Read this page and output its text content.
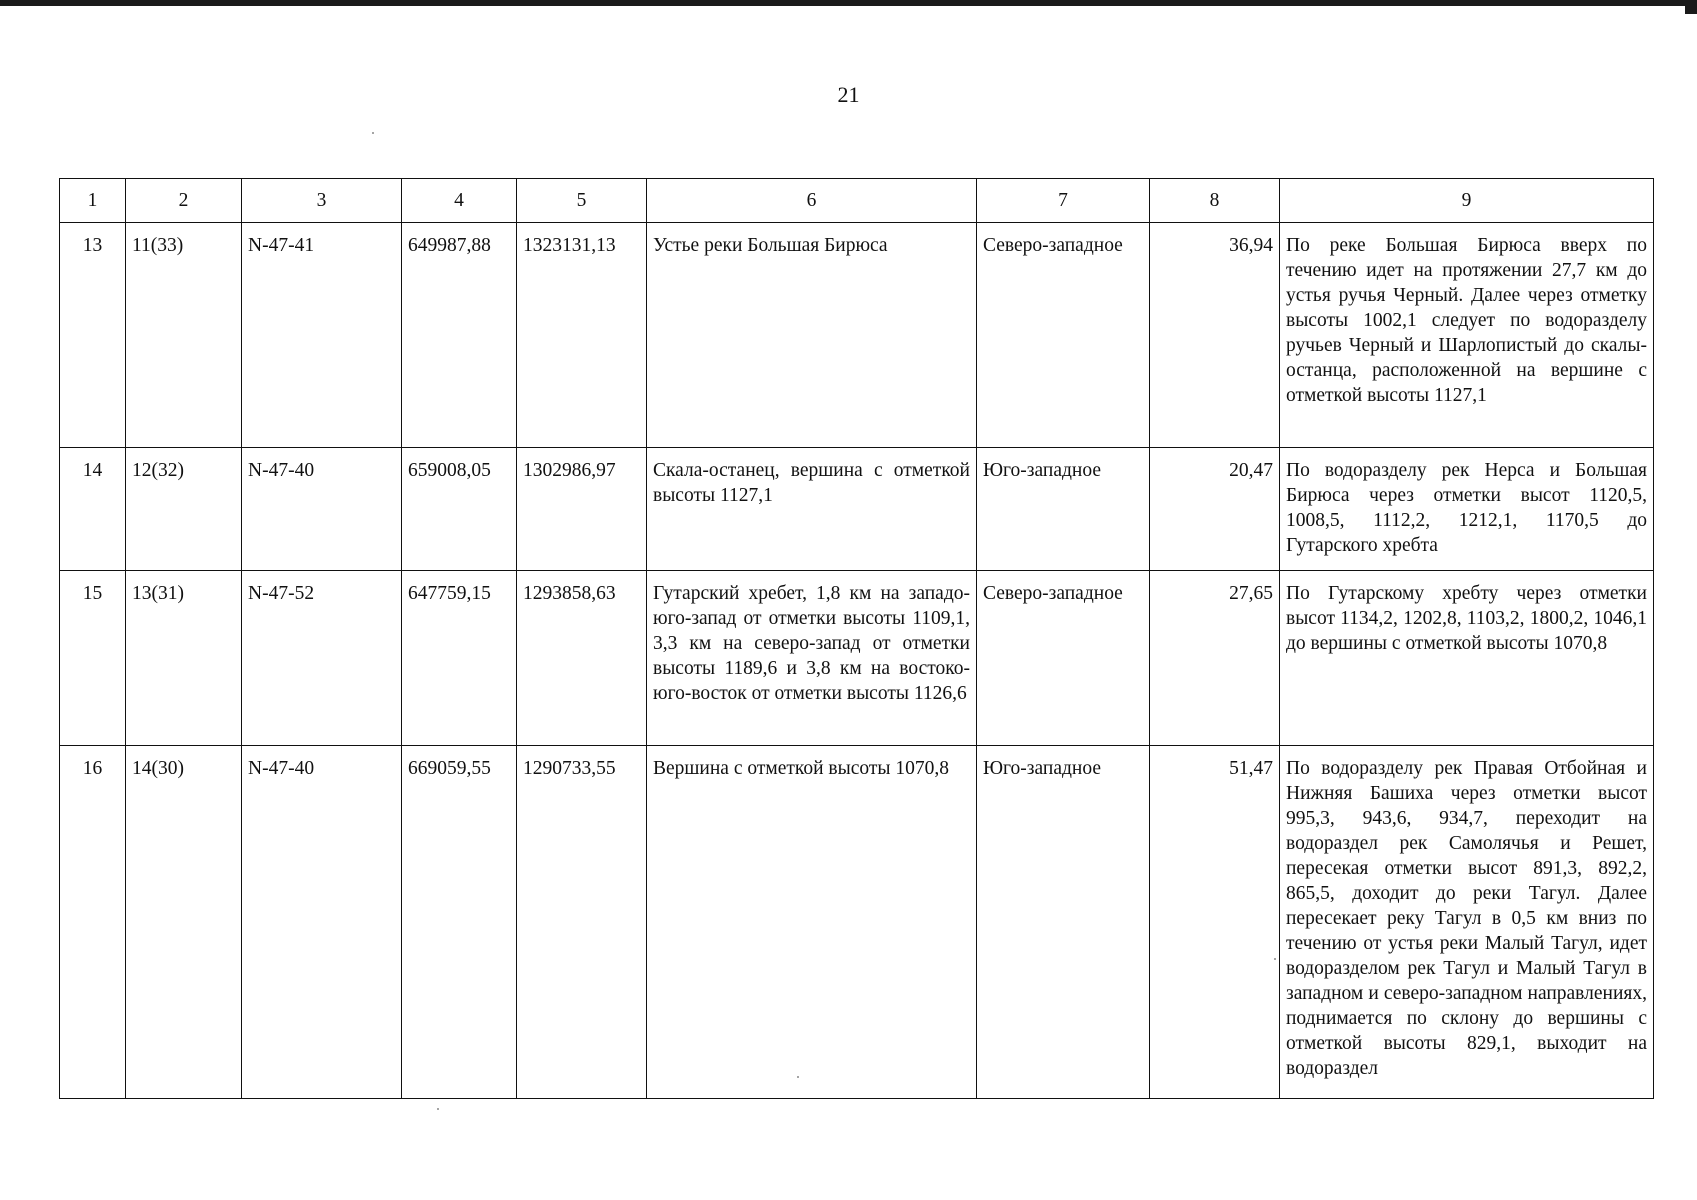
21
1	2	3	4	5	6	7	8	9
13	11(33)	N-47-41	649987,88	1323131,13	Устье реки Большая Бирюса	Северо-западное	36,94	По реке Большая Бирюса вверх по течению идет на протяжении 27,7 км до устья ручья Черный. Далее через отметку высоты 1002,1 следует по водоразделу ручьев Черный и Шарлопистый до скалы-останца, расположенной на вершине с отметкой высоты 1127,1
14	12(32)	N-47-40	659008,05	1302986,97	Скала-останец, вершина с отметкой высоты 1127,1	Юго-западное	20,47	По водоразделу рек Нерса и Большая Бирюса через отметки высот 1120,5, 1008,5, 1112,2, 1212,1, 1170,5 до Гутарского хребта
15	13(31)	N-47-52	647759,15	1293858,63	Гутарский хребет, 1,8 км на западо-юго-запад от отметки высоты 1109,1, 3,3 км на северо-запад от отметки высоты 1189,6 и 3,8 км на востоко-юго-восток от отметки высоты 1126,6	Северо-западное	27,65	По Гутарскому хребту через отметки высот 1134,2, 1202,8, 1103,2, 1800,2, 1046,1 до вершины с отметкой высоты 1070,8
16	14(30)	N-47-40	669059,55	1290733,55	Вершина с отметкой высоты 1070,8	Юго-западное	51,47	По водоразделу рек Правая Отбойная и Нижняя Башиха через отметки высот 995,3, 943,6, 934,7, переходит на водораздел рек Самолячья и Решет, пересекая отметки высот 891,3, 892,2, 865,5, доходит до реки Тагул. Далее пересекает реку Тагул в 0,5 км вниз по течению от устья реки Малый Тагул, идет водоразделом рек Тагул и Малый Тагул в западном и северо-западном направлениях, поднимается по склону до вершины с отметкой высоты 829,1, выходит на водораздел
